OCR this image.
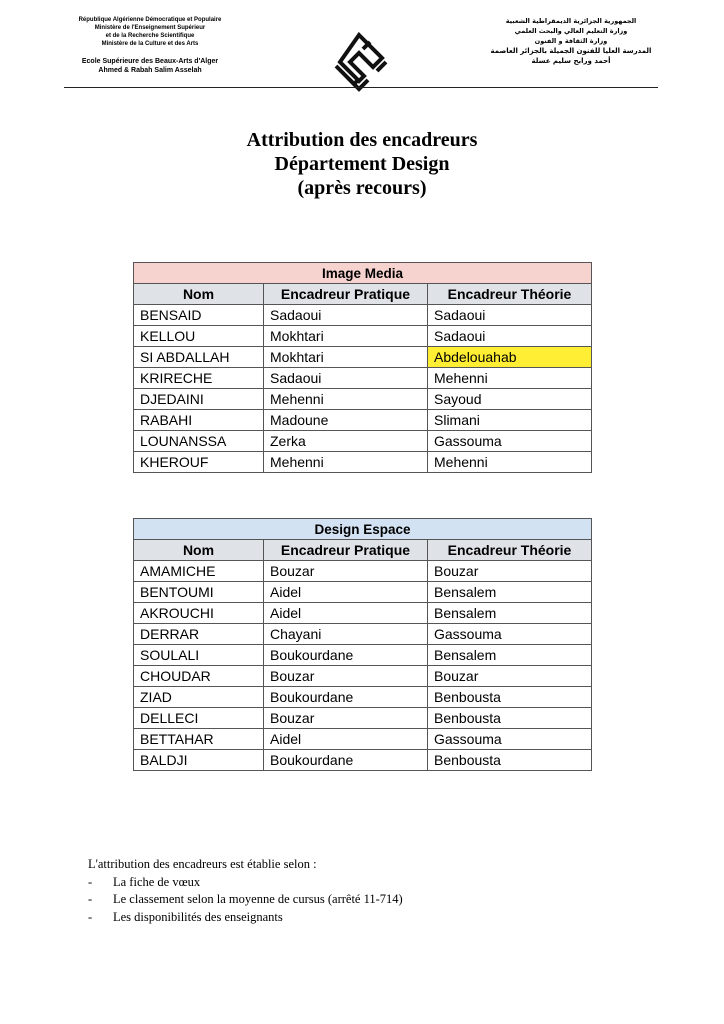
République Algérienne Démocratique et Populaire
Ministère de l'Enseignement Supérieur
et de la Recherche Scientifique
Ministère de la Culture et des Arts
Ecole Supérieure des Beaux-Arts d'Alger
Ahmed & Rabah Salim Asselah
الجمهورية الجزائرية الديمقراطية الشعبية
وزارة التعليم العالي والبحث العلمي
وزارة الثقافة و الفنون
المدرسة العليا للفنون الجميلة بالجزائر العاصمة
أحمد ورابح سليم عسلة
Attribution des encadreurs
Département Design
(après recours)
Image Media		
Nom	Encadreur Pratique	Encadreur Théorie
BENSAID	Sadaoui	Sadaoui
KELLOU	Mokhtari	Sadaoui
SI ABDALLAH	Mokhtari	Abdelouahab
KRIRECHE	Sadaoui	Mehenni
DJEDAINI	Mehenni	Sayoud
RABAHI	Madoune	Slimani
LOUNANSSA	Zerka	Gassouma
KHEROUF	Mehenni	Mehenni
Design Espace		
Nom	Encadreur Pratique	Encadreur Théorie
AMAMICHE	Bouzar	Bouzar
BENTOUMI	Aidel	Bensalem
AKROUCHI	Aidel	Bensalem
DERRAR	Chayani	Gassouma
SOULALI	Boukourdane	Bensalem
CHOUDAR	Bouzar	Bouzar
ZIAD	Boukourdane	Benbousta
DELLECI	Bouzar	Benbousta
BETTAHAR	Aidel	Gassouma
BALDJI	Boukourdane	Benbousta
L'attribution des encadreurs est établie selon :
- La fiche de vœux
- Le classement selon la moyenne de cursus (arrêté 11-714)
- Les disponibilités des enseignants
